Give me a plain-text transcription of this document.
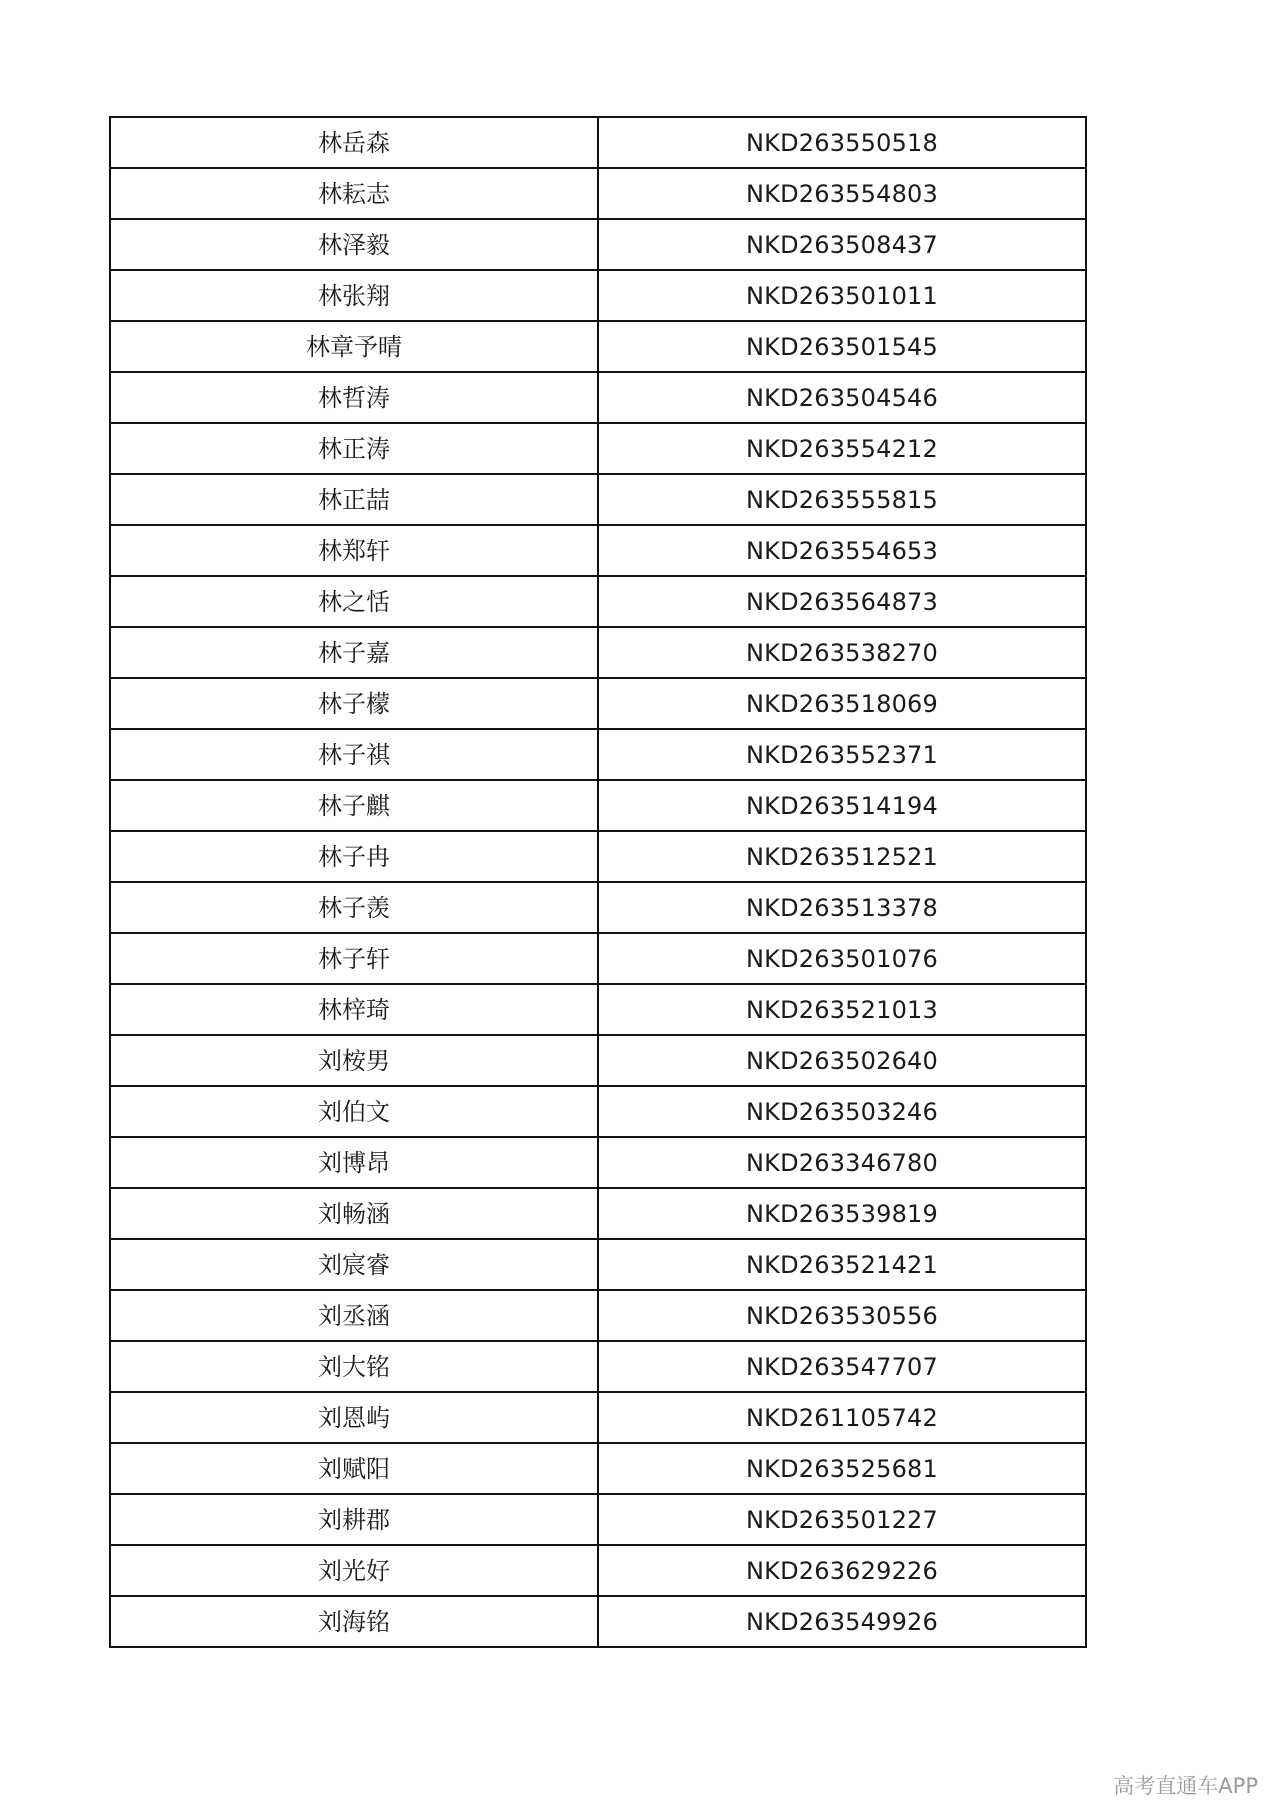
林岳森	NKD263550518
林耘志	NKD263554803
林泽毅	NKD263508437
林张翔	NKD263501011
林章予晴	NKD263501545
林哲涛	NKD263504546
林正涛	NKD263554212
林正喆	NKD263555815
林郑轩	NKD263554653
林之恬	NKD263564873
林子嘉	NKD263538270
林子檬	NKD263518069
林子祺	NKD263552371
林子麒	NKD263514194
林子冉	NKD263512521
林子羡	NKD263513378
林子轩	NKD263501076
林梓琦	NKD263521013
刘桉男	NKD263502640
刘伯文	NKD263503246
刘博昂	NKD263346780
刘畅涵	NKD263539819
刘宸睿	NKD263521421
刘丞涵	NKD263530556
刘大铭	NKD263547707
刘恩屿	NKD261105742
刘赋阳	NKD263525681
刘耕郡	NKD263501227
刘光好	NKD263629226
刘海铭	NKD263549926
高考直通车APP
